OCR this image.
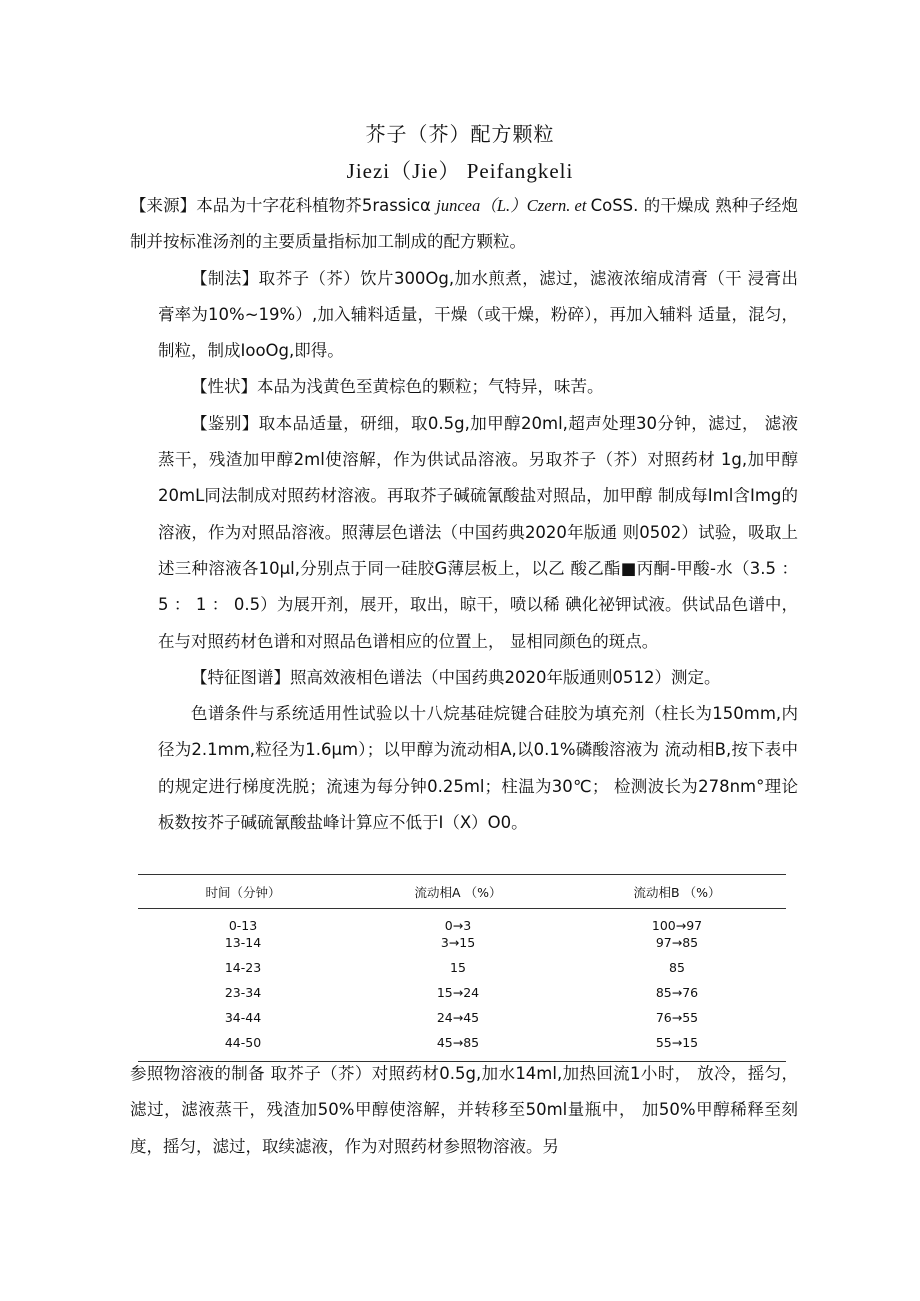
芥子（芥）配方颗粒
Jiezi（Jie） Peifangkeli

【来源】本品为十字花科植物芥5rassicα juncea（L.）Czern. et CoSS. 的干燥成 熟种子经炮制并按标准汤剂的主要质量指标加工制成的配方颗粒。

【制法】取芥子（芥）饮片300Og,加水煎煮，滤过，滤液浓缩成清膏（干 浸膏出膏率为10%~19%）,加入辅料适量，干燥（或干燥，粉碎），再加入辅料 适量，混匀，制粒，制成IooOg,即得。

【性状】本品为浅黄色至黄棕色的颗粒；气特异，味苦。

【鉴别】取本品适量，研细，取0.5g,加甲醇20ml,超声处理30分钟，滤过， 滤液蒸干，残渣加甲醇2ml使溶解，作为供试品溶液。另取芥子（芥）对照药材 1g,加甲醇20mL同法制成对照药材溶液。再取芥子碱硫氰酸盐对照品，加甲醇 制成每Iml含Img的溶液，作为对照品溶液。照薄层色谱法（中国药典2020年版通 则0502）试验，吸取上述三种溶液各10μl,分别点于同一硅胶G薄层板上，以乙 酸乙酯■丙酮-甲酸-水（3.5 ： 5 ： 1 ： 0.5）为展开剂，展开，取出，晾干，喷以稀 碘化祕钾试液。供试品色谱中，在与对照药材色谱和对照品色谱相应的位置上， 显相同颜色的斑点。

【特征图谱】照高效液相色谱法（中国药典2020年版通则0512）测定。

色谱条件与系统适用性试验以十八烷基硅烷键合硅胶为填充剂（柱长为150mm,内径为2.1mm,粒径为1.6μm）；以甲醇为流动相A,以0.1%磷酸溶液为 流动相B,按下表中的规定进行梯度洗脱；流速为每分钟0.25ml；柱温为30℃； 检测波长为278nm°理论板数按芥子碱硫氰酸盐峰计算应不低于I（X）O0。

时间（分钟）	流动相A （%）	流动相B （%）

0-13	0→3	100→97
13-14	3→15	97→85

14-23	15	85

23-34	15→24	85→76

34-44	24→45	76→55

44-50	45→85	55→15

参照物溶液的制备 取芥子（芥）对照药材0.5g,加水14ml,加热回流1小时， 放冷，摇匀，滤过，滤液蒸干，残渣加50%甲醇使溶解，并转移至50ml量瓶中， 加50%甲醇稀释至刻度，摇匀，滤过，取续滤液，作为对照药材参照物溶液。另
